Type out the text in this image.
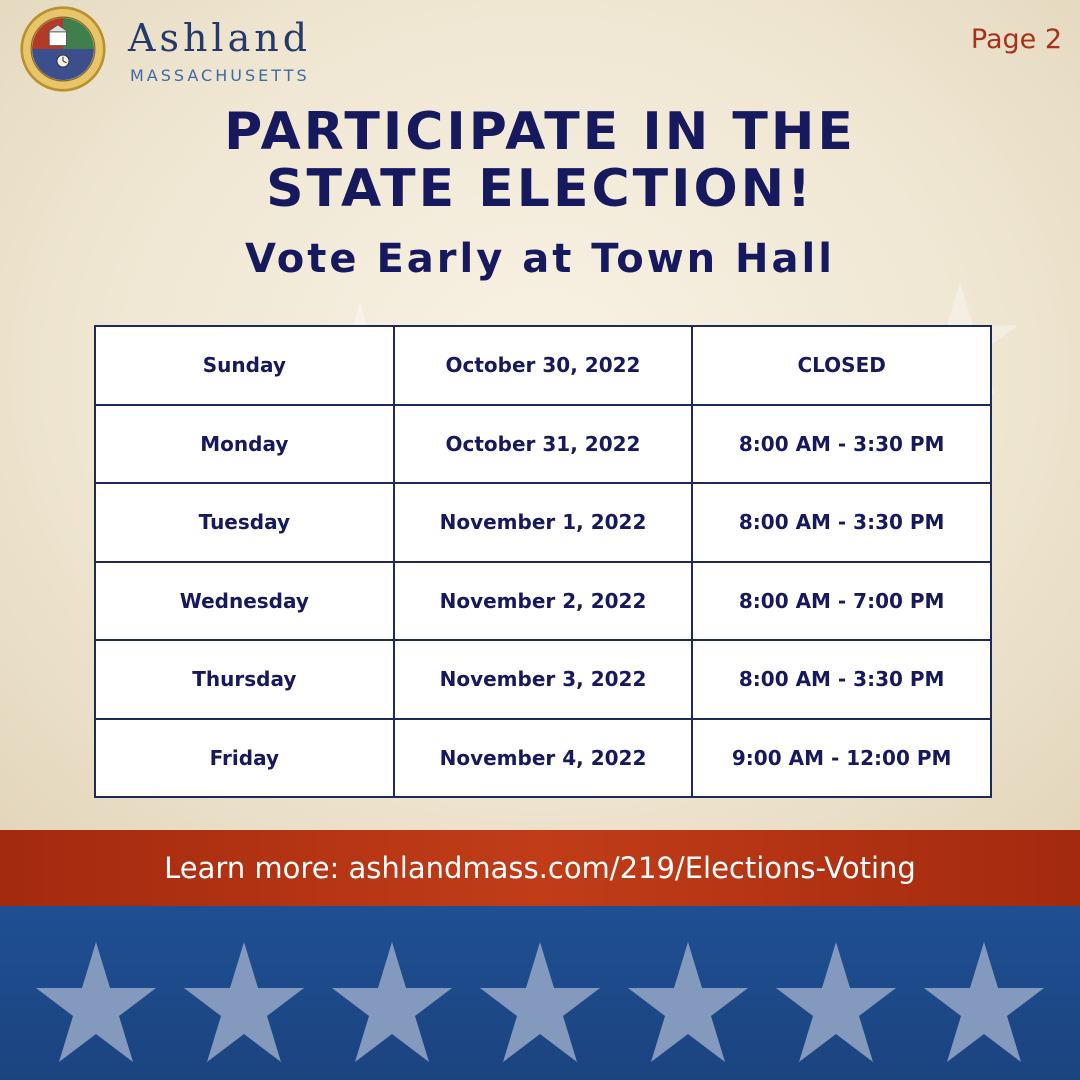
Ashland
MASSACHUSETTS
Page 2
PARTICIPATE IN THE
STATE ELECTION!
Vote Early at Town Hall
Sunday	October 30, 2022	CLOSED
Monday	October 31, 2022	8:00 AM - 3:30 PM
Tuesday	November 1, 2022	8:00 AM - 3:30 PM
Wednesday	November 2, 2022	8:00 AM - 7:00 PM
Thursday	November 3, 2022	8:00 AM - 3:30 PM
Friday	November 4, 2022	9:00 AM - 12:00 PM
Learn more: ashlandmass.com/219/Elections-Voting
